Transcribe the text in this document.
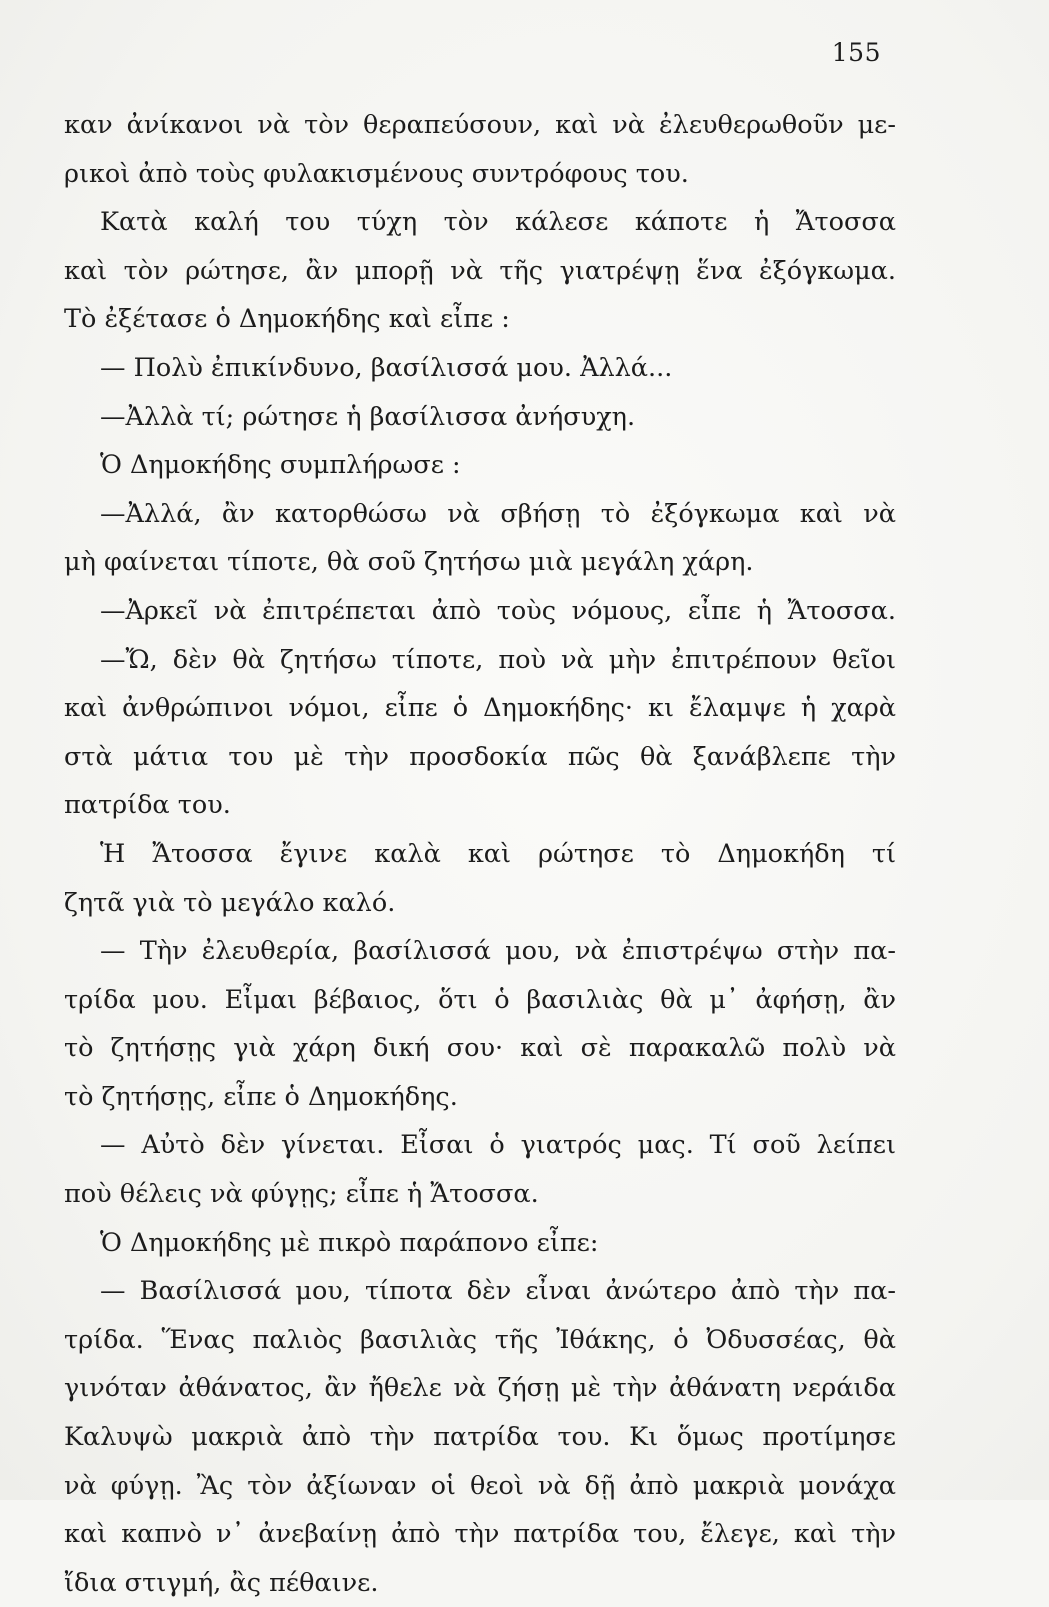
155
καν ἀνίκανοι νὰ τὸν θεραπεύσουν, καὶ νὰ ἐλευθερωθοῦν με-
ρικοὶ ἀπὸ τοὺς φυλακισμένους συντρόφους του.
Κατὰ καλή του τύχη τὸν κάλεσε κάποτε ἡ Ἄτοσσα
καὶ τὸν ρώτησε, ἂν μπορῇ νὰ τῆς γιατρέψῃ ἕνα ἐξόγκωμα.
Τὸ ἐξέτασε ὁ Δημοκήδης καὶ εἶπε :
— Πολὺ ἐπικίνδυνο, βασίλισσά μου. Ἀλλά...
—Ἀλλὰ τί; ρώτησε ἡ βασίλισσα ἀνήσυχη.
Ὁ Δημοκήδης συμπλήρωσε :
—Ἀλλά, ἂν κατορθώσω νὰ σβήσῃ τὸ ἐξόγκωμα καὶ νὰ
μὴ φαίνεται τίποτε, θὰ σοῦ ζητήσω μιὰ μεγάλη χάρη.
—Ἀρκεῖ νὰ ἐπιτρέπεται ἀπὸ τοὺς νόμους, εἶπε ἡ Ἄτοσσα.
—Ὤ, δὲν θὰ ζητήσω τίποτε, ποὺ νὰ μὴν ἐπιτρέπουν θεῖοι
καὶ ἀνθρώπινοι νόμοι, εἶπε ὁ Δημοκήδης· κι ἔλαμψε ἡ χαρὰ
στὰ μάτια του μὲ τὴν προσδοκία πῶς θὰ ξανάβλεπε τὴν
πατρίδα του.
Ἡ Ἄτοσσα ἔγινε καλὰ καὶ ρώτησε τὸ Δημοκήδη τί
ζητᾶ γιὰ τὸ μεγάλο καλό.
— Τὴν ἐλευθερία, βασίλισσά μου, νὰ ἐπιστρέψω στὴν πα-
τρίδα μου. Εἶμαι βέβαιος, ὅτι ὁ βασιλιὰς θὰ μ᾽ ἀφήσῃ, ἂν
τὸ ζητήσῃς γιὰ χάρη δική σου· καὶ σὲ παρακαλῶ πολὺ νὰ
τὸ ζητήσῃς, εἶπε ὁ Δημοκήδης.
— Αὐτὸ δὲν γίνεται. Εἶσαι ὁ γιατρός μας. Τί σοῦ λείπει
ποὺ θέλεις νὰ φύγῃς; εἶπε ἡ Ἄτοσσα.
Ὁ Δημοκήδης μὲ πικρὸ παράπονο εἶπε:
— Βασίλισσά μου, τίποτα δὲν εἶναι ἀνώτερο ἀπὸ τὴν πα-
τρίδα. Ἕνας παλιὸς βασιλιὰς τῆς Ἰθάκης, ὁ Ὀδυσσέας, θὰ
γινόταν ἀθάνατος, ἂν ἤθελε νὰ ζήσῃ μὲ τὴν ἀθάνατη νεράιδα
Καλυψὼ μακριὰ ἀπὸ τὴν πατρίδα του. Κι ὅμως προτίμησε
νὰ φύγῃ. Ἂς τὸν ἀξίωναν οἱ θεοὶ νὰ δῇ ἀπὸ μακριὰ μονάχα
καὶ καπνὸ ν᾽ ἀνεβαίνῃ ἀπὸ τὴν πατρίδα του, ἔλεγε, καὶ τὴν
ἴδια στιγμή, ἂς πέθαινε.
